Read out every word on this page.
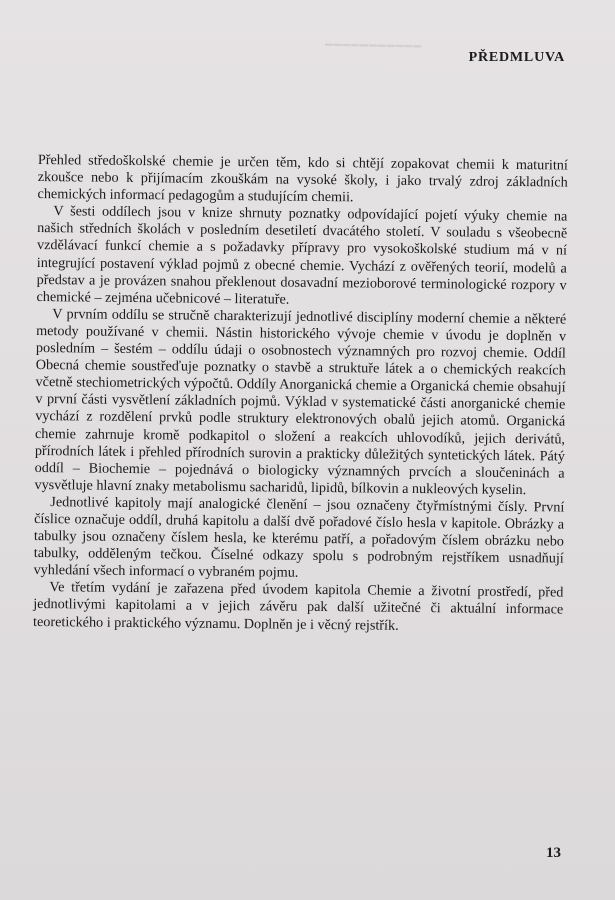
━━━━━━━━━━━
PŘEDMLUVA

Přehled středoškolské chemie je určen těm, kdo si chtějí zopakovat chemii k maturitní zkoušce nebo k přijímacím zkouškám na vysoké školy, i jako trvalý zdroj základních chemických informací pedagogům a studujícím chemii.

V šesti oddílech jsou v knize shrnuty poznatky odpovídající pojetí výuky chemie na našich středních školách v posledním desetiletí dvacátého století. V souladu s všeobecně vzdělávací funkcí chemie a s požadavky přípravy pro vysokoškolské studium má v ní integrující postavení výklad pojmů z obecné chemie. Vychází z ověřených teorií, modelů a představ a je provázen snahou překlenout dosavadní mezioborové terminologické rozpory v chemické – zejména učebnicové – literatuře.

V prvním oddílu se stručně charakterizují jednotlivé disciplíny moderní chemie a některé metody používané v chemii. Nástin historického vývoje chemie v úvodu je doplněn v posledním – šestém – oddílu údaji o osobnostech významných pro rozvoj chemie. Oddíl Obecná chemie soustřeďuje poznatky o stavbě a struktuře látek a o chemických reakcích včetně stechiometrických výpočtů. Oddíly Anorganická chemie a Organická chemie obsahují v první části vysvětlení základních pojmů. Výklad v systematické části anorganické chemie vychází z rozdělení prvků podle struktury elektronových obalů jejich atomů. Organická chemie zahrnuje kromě podkapitol o složení a reakcích uhlovodíků, jejich derivátů, přírodních látek i přehled přírodních surovin a prakticky důležitých syntetických látek. Pátý oddíl – Biochemie – pojednává o biologicky významných prvcích a sloučeninách a vysvětluje hlavní znaky metabolismu sacharidů, lipidů, bílkovin a nukleových kyselin.

Jednotlivé kapitoly mají analogické členění – jsou označeny čtyřmístnými čísly. První číslice označuje oddíl, druhá kapitolu a další dvě pořadové číslo hesla v kapitole. Obrázky a tabulky jsou označeny číslem hesla, ke kterému patří, a pořadovým číslem obrázku nebo tabulky, odděleným tečkou. Číselné odkazy spolu s podrobným rejstříkem usnadňují vyhledání všech informací o vybraném pojmu.

Ve třetím vydání je zařazena před úvodem kapitola Chemie a životní prostředí, před jednotlivými kapitolami a v jejich závěru pak další užitečné či aktuální informace teoretického i praktického významu. Doplněn je i věcný rejstřík.

13
